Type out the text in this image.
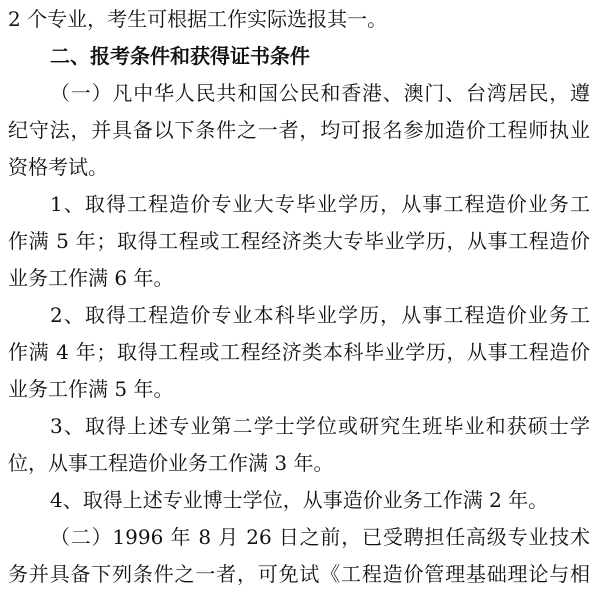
2 个专业，考生可根据工作实际选报其一。
二、报考条件和获得证书条件
（一）凡中华人民共和国公民和香港、澳门、台湾居民，遵
纪守法，并具备以下条件之一者，均可报名参加造价工程师执业
资格考试。
1、取得工程造价专业大专毕业学历，从事工程造价业务工
作满 5 年；取得工程或工程经济类大专毕业学历，从事工程造价
业务工作满 6 年。
2、取得工程造价专业本科毕业学历，从事工程造价业务工
作满 4 年；取得工程或工程经济类本科毕业学历，从事工程造价
业务工作满 5 年。
3、取得上述专业第二学士学位或研究生班毕业和获硕士学
位，从事工程造价业务工作满 3 年。
4、取得上述专业博士学位，从事造价业务工作满 2 年。
（二）1996 年 8 月 26 日之前，已受聘担任高级专业技术
务并具备下列条件之一者，可免试《工程造价管理基础理论与相
